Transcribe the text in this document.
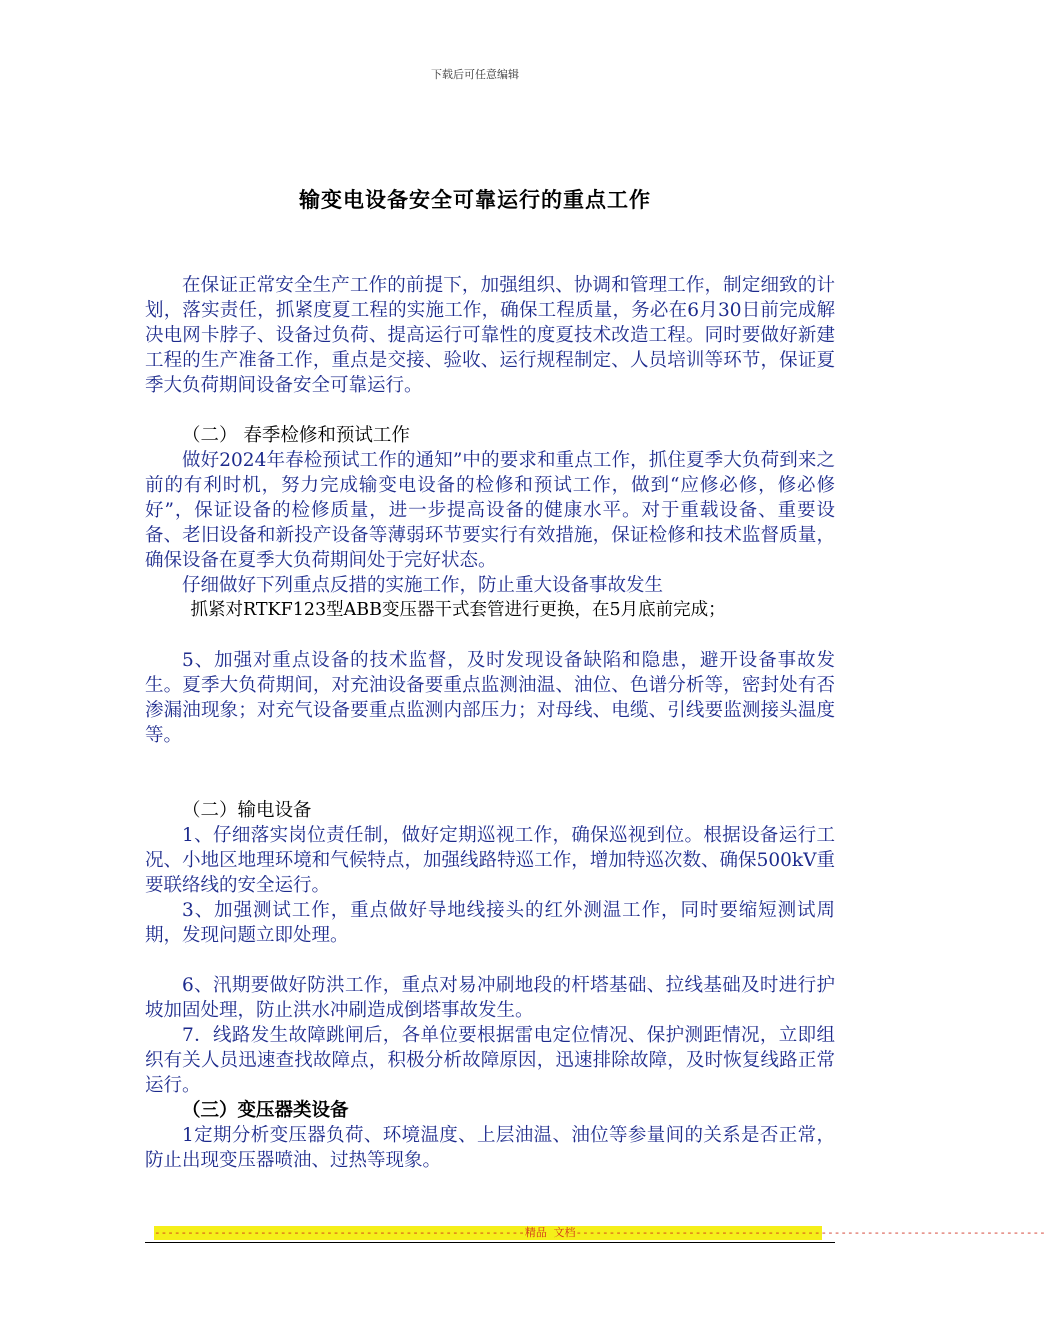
下载后可任意编辑
输变电设备安全可靠运行的重点工作

在保证正常安全生产工作的前提下，加强组织、协调和管理工作，制定细致的计划，落实责任，抓紧度夏工程的实施工作，确保工程质量，务必在6月30日前完成解决电网卡脖子、设备过负荷、提高运行可靠性的度夏技术改造工程。同时要做好新建工程的生产准备工作，重点是交接、验收、运行规程制定、人员培训等环节，保证夏季大负荷期间设备安全可靠运行。

（二） 春季检修和预试工作

做好2024年春检预试工作的通知”中的要求和重点工作，抓住夏季大负荷到来之前的有利时机，努力完成输变电设备的检修和预试工作，做到“应修必修，修必修好”，保证设备的检修质量，进一步提高设备的健康水平。对于重载设备、重要设备、老旧设备和新投产设备等薄弱环节要实行有效措施，保证检修和技术监督质量，确保设备在夏季大负荷期间处于完好状态。

仔细做好下列重点反措的实施工作，防止重大设备事故发生

抓紧对RTKF123型ABB变压器干式套管进行更换，在5月底前完成；

5、加强对重点设备的技术监督，及时发现设备缺陷和隐患，避开设备事故发生。夏季大负荷期间，对充油设备要重点监测油温、油位、色谱分析等，密封处有否渗漏油现象；对充气设备要重点监测内部压力；对母线、电缆、引线要监测接头温度等。

（二）输电设备

1、仔细落实岗位责任制，做好定期巡视工作，确保巡视到位。根据设备运行工况、小地区地理环境和气候特点，加强线路特巡工作，增加特巡次数、确保500kV重要联络线的安全运行。

3、加强测试工作，重点做好导地线接头的红外测温工作，同时要缩短测试周期，发现问题立即处理。

6、汛期要做好防洪工作，重点对易冲刷地段的杆塔基础、拉线基础及时进行护坡加固处理，防止洪水冲刷造成倒塔事故发生。

7．线路发生故障跳闸后，各单位要根据雷电定位情况、保护测距情况，立即组织有关人员迅速查找故障点，积极分析故障原因，迅速排除故障，及时恢复线路正常运行。

（三）变压器类设备

1定期分析变压器负荷、环境温度、上层油温、油位等参量间的关系是否正常，防止出现变压器喷油、过热等现象。

--------------------------------------------------------精品 文档-----------------------------------------------------------------------
